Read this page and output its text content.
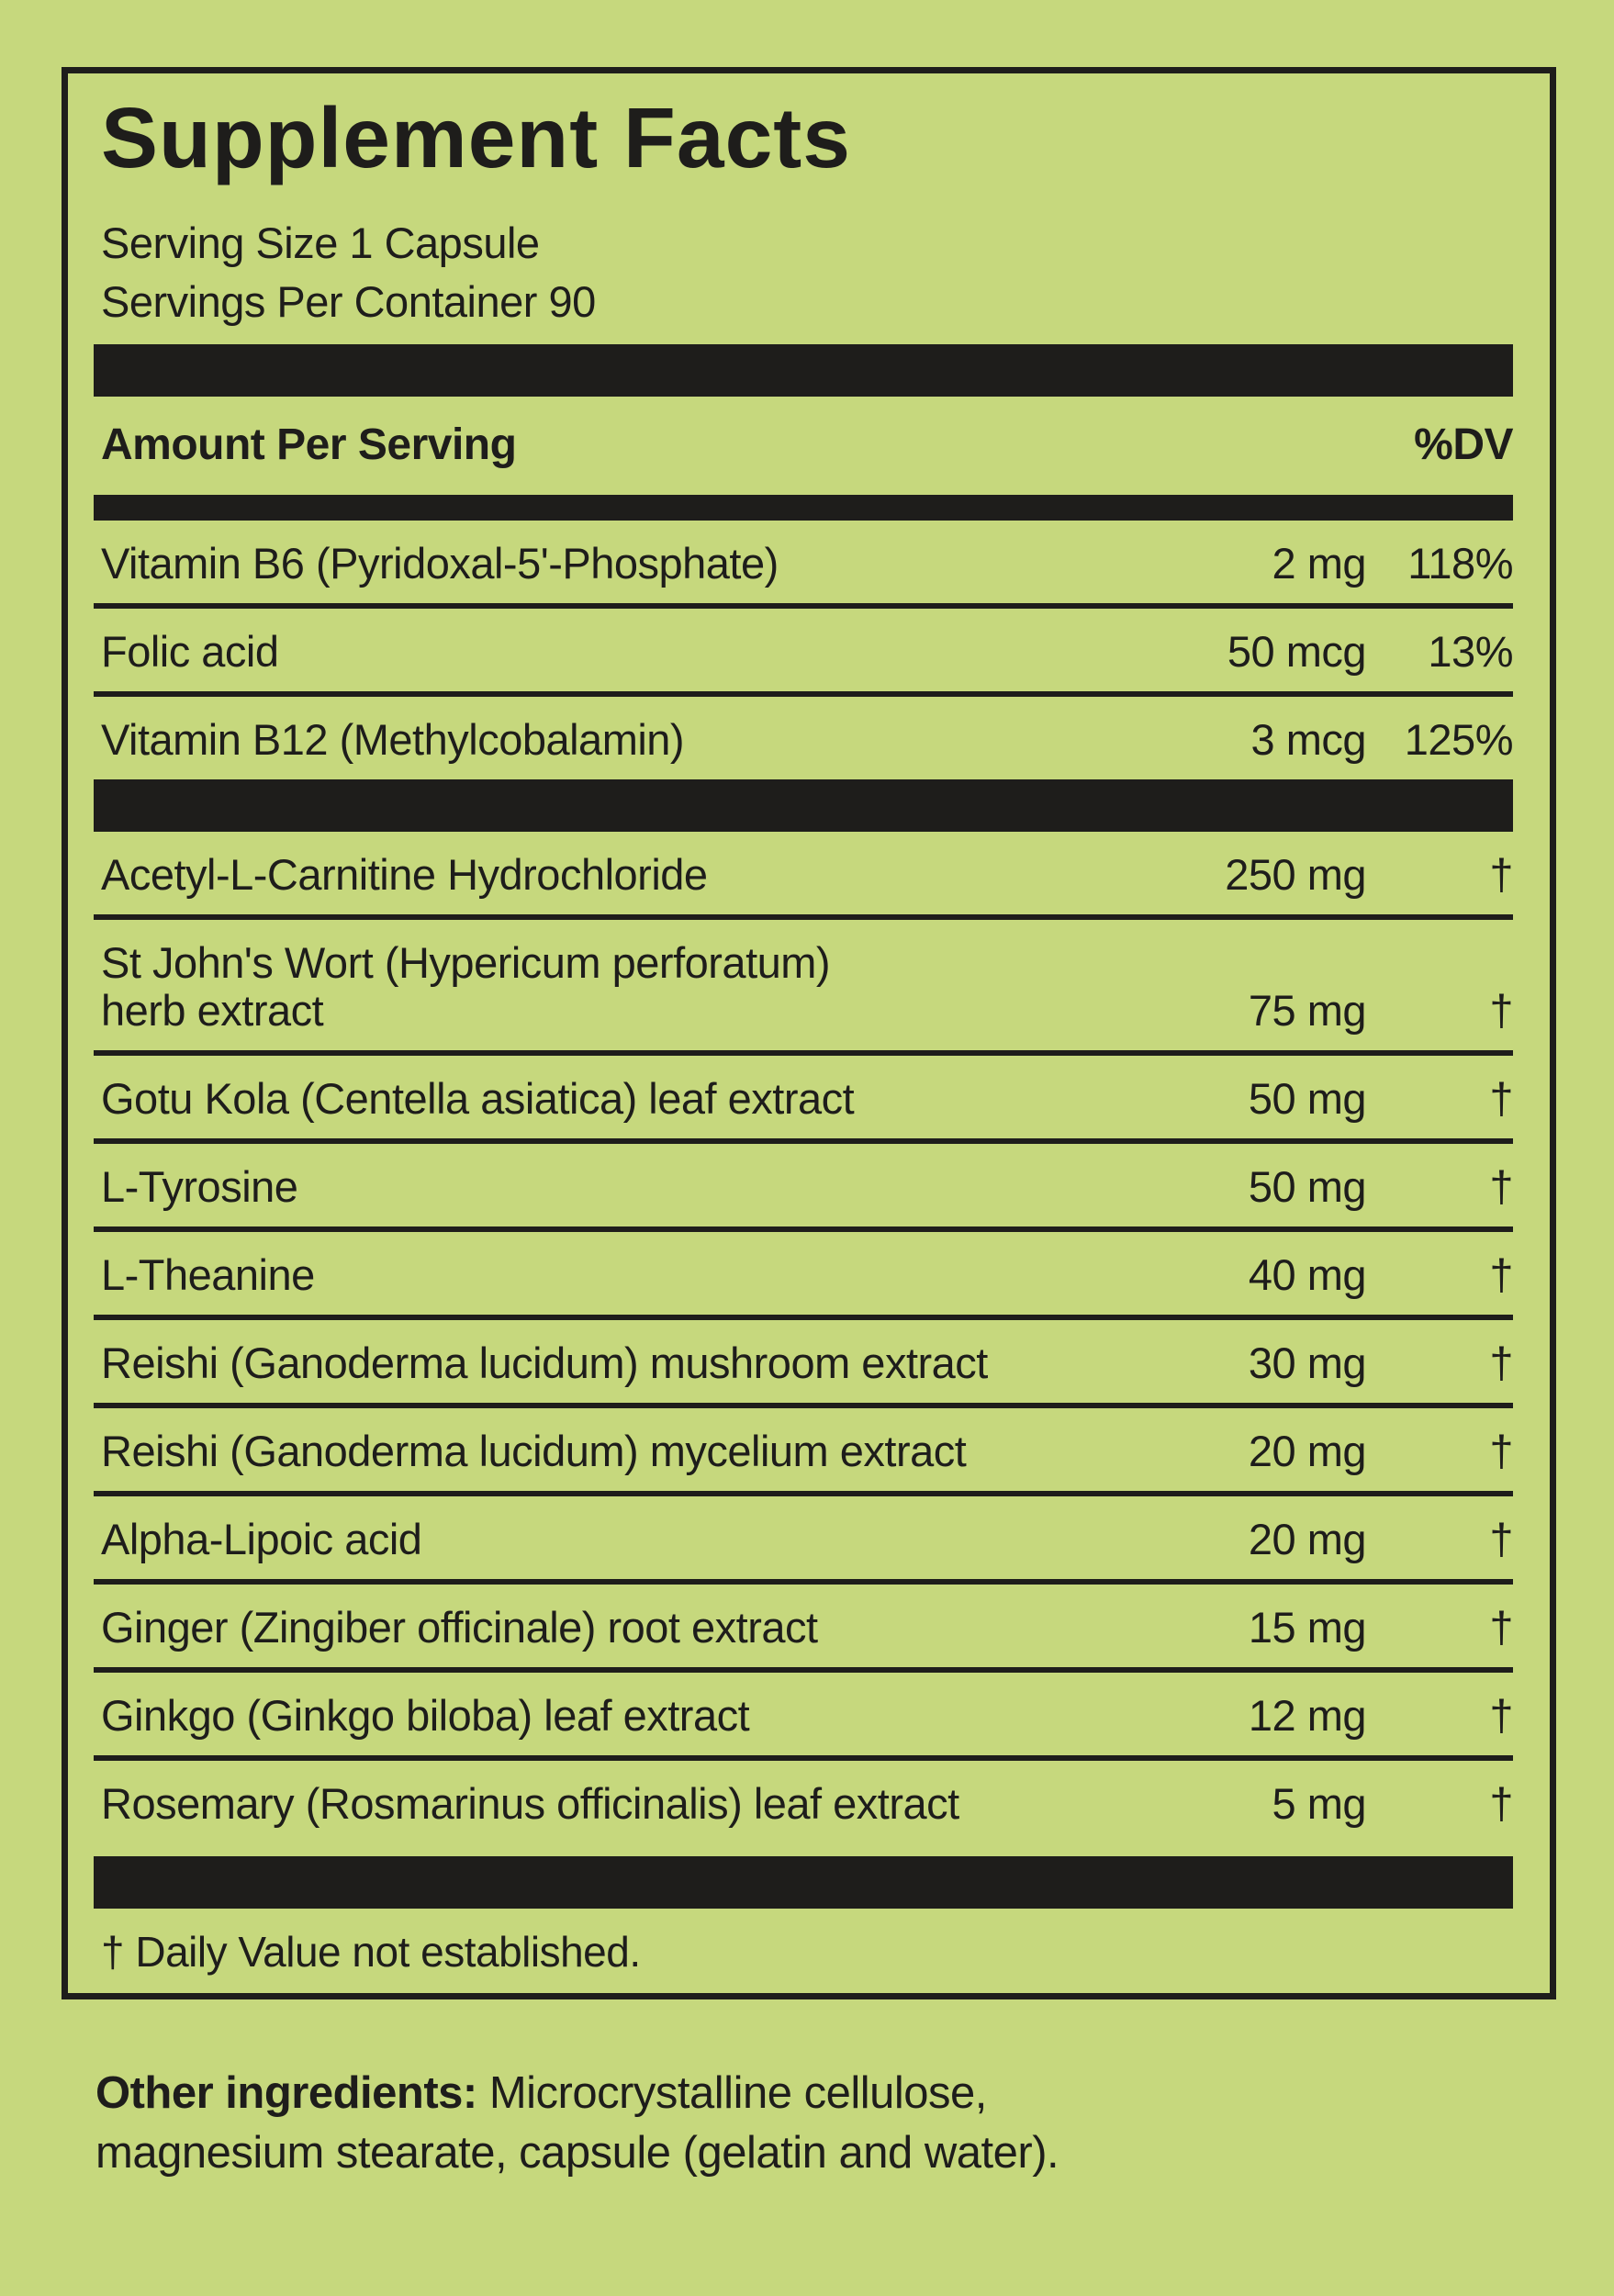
Supplement Facts
Serving Size 1 Capsule
Servings Per Container 90
Amount Per Serving	%DV
Vitamin B6 (Pyridoxal-5'-Phosphate)	2 mg 118%
Folic acid	50 mcg	13%
Vitamin B12 (Methylcobalamin)	3 mcg 125%
Acetyl-L-Carnitine Hydrochloride	250 mg	†
St John's Wort (Hypericum perforatum)
herb extract	75 mg	†
Gotu Kola (Centella asiatica) leaf extract	50 mg	†
L-Tyrosine	50 mg	†
L-Theanine	40 mg	†
Reishi (Ganoderma lucidum) mushroom extract	30 mg	†
Reishi (Ganoderma lucidum) mycelium extract	20 mg	†
Alpha-Lipoic acid	20 mg	†
Ginger (Zingiber officinale) root extract	15 mg	†
Ginkgo (Ginkgo biloba) leaf extract	12 mg	†
Rosemary (Rosmarinus officinalis) leaf extract	5 mg	†
† Daily Value not established.

Other ingredients: Microcrystalline cellulose, magnesium stearate, capsule (gelatin and water).
